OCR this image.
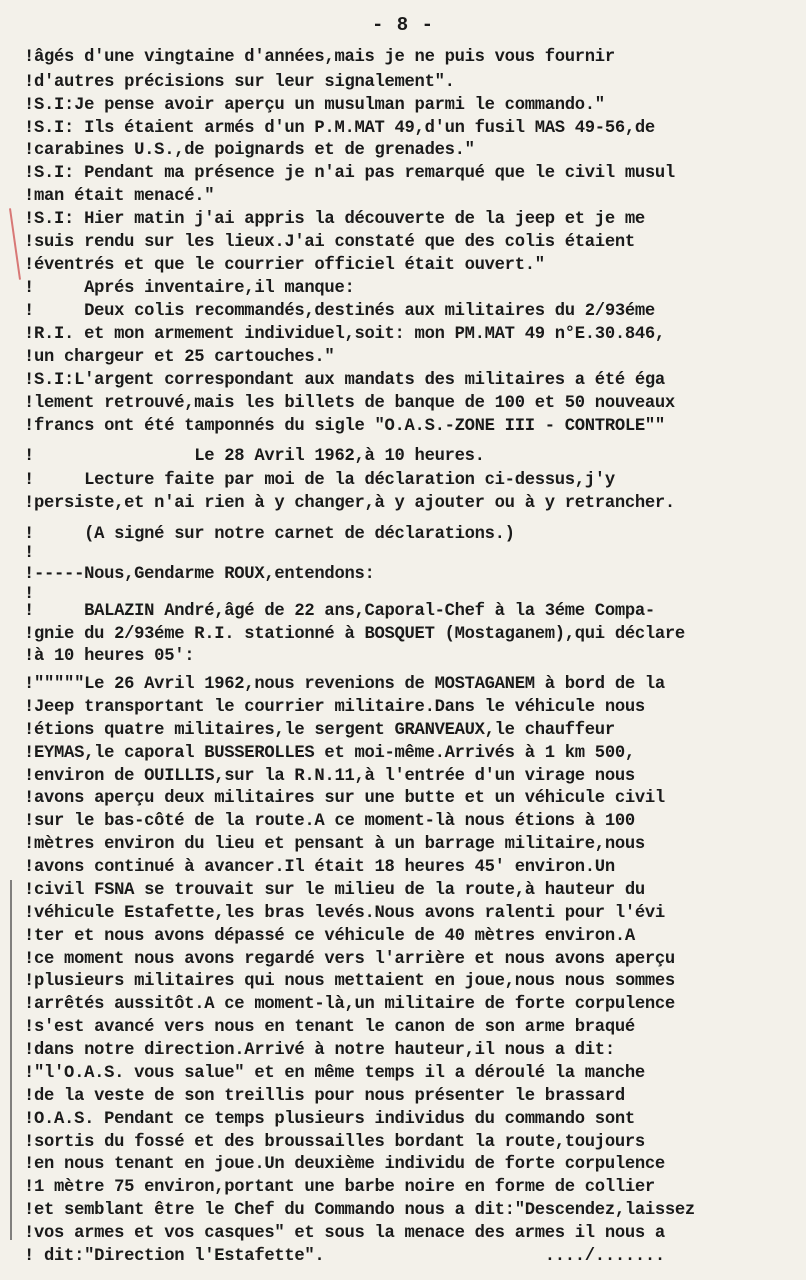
- 8 -
!âgés d'une vingtaine d'années,mais je ne puis vous fournir
!d'autres précisions sur leur signalement".
!S.I:Je pense avoir aperçu un musulman parmi le commando."
!S.I: Ils étaient armés d'un P.M.MAT 49,d'un fusil MAS 49-56,de
!carabines U.S.,de poignards et de grenades."
!S.I: Pendant ma présence je n'ai pas remarqué que le civil musul
!man était menacé."
!S.I: Hier matin j'ai appris la découverte de la jeep et je me
!suis rendu sur les lieux.J'ai constaté que des colis étaient
!éventrés et que le courrier officiel était ouvert."
!     Aprés inventaire,il manque:
!     Deux colis recommandés,destinés aux militaires du 2/93éme
!R.I. et mon armement individuel,soit: mon PM.MAT 49 n°E.30.846,
!un chargeur et 25 cartouches."
!S.I:L'argent correspondant aux mandats des militaires a été éga
!lement retrouvé,mais les billets de banque de 100 et 50 nouveaux
!francs ont été tamponnés du sigle "O.A.S.-ZONE III - CONTROLE""
!                Le 28 Avril 1962,à 10 heures.
!     Lecture faite par moi de la déclaration ci-dessus,j'y
!persiste,et n'ai rien à y changer,à y ajouter ou à y retrancher.
!     (A signé sur notre carnet de déclarations.)
!
!-----Nous,Gendarme ROUX,entendons:
!
!     BALAZIN André,âgé de 22 ans,Caporal-Chef à la 3éme Compa-
!gnie du 2/93éme R.I. stationné à BOSQUET (Mostaganem),qui déclare
!à 10 heures 05':
!"""""Le 26 Avril 1962,nous revenions de MOSTAGANEM à bord de la
!Jeep transportant le courrier militaire.Dans le véhicule nous
!étions quatre militaires,le sergent GRANVEAUX,le chauffeur
!EYMAS,le caporal BUSSEROLLES et moi-même.Arrivés à 1 km 500,
!environ de OUILLIS,sur la R.N.11,à l'entrée d'un virage nous
!avons aperçu deux militaires sur une butte et un véhicule civil
!sur le bas-côté de la route.A ce moment-là nous étions à 100
!mètres environ du lieu et pensant à un barrage militaire,nous
!avons continué à avancer.Il était 18 heures 45' environ.Un
!civil FSNA se trouvait sur le milieu de la route,à hauteur du
!véhicule Estafette,les bras levés.Nous avons ralenti pour l'évi
!ter et nous avons dépassé ce véhicule de 40 mètres environ.A
!ce moment nous avons regardé vers l'arrière et nous avons aperçu
!plusieurs militaires qui nous mettaient en joue,nous nous sommes
!arrêtés aussitôt.A ce moment-là,un militaire de forte corpulence
!s'est avancé vers nous en tenant le canon de son arme braqué
!dans notre direction.Arrivé à notre hauteur,il nous a dit:
!"l'O.A.S. vous salue" et en même temps il a déroulé la manche
!de la veste de son treillis pour nous présenter le brassard
!O.A.S. Pendant ce temps plusieurs individus du commando sont
!sortis du fossé et des broussailles bordant la route,toujours
!en nous tenant en joue.Un deuxième individu de forte corpulence
!1 mètre 75 environ,portant une barbe noire en forme de collier
!et semblant être le Chef du Commando nous a dit:"Descendez,laissez
!vos armes et vos casques" et sous la menace des armes il nous a
! dit:"Direction l'Estafette".                      ..../.......
